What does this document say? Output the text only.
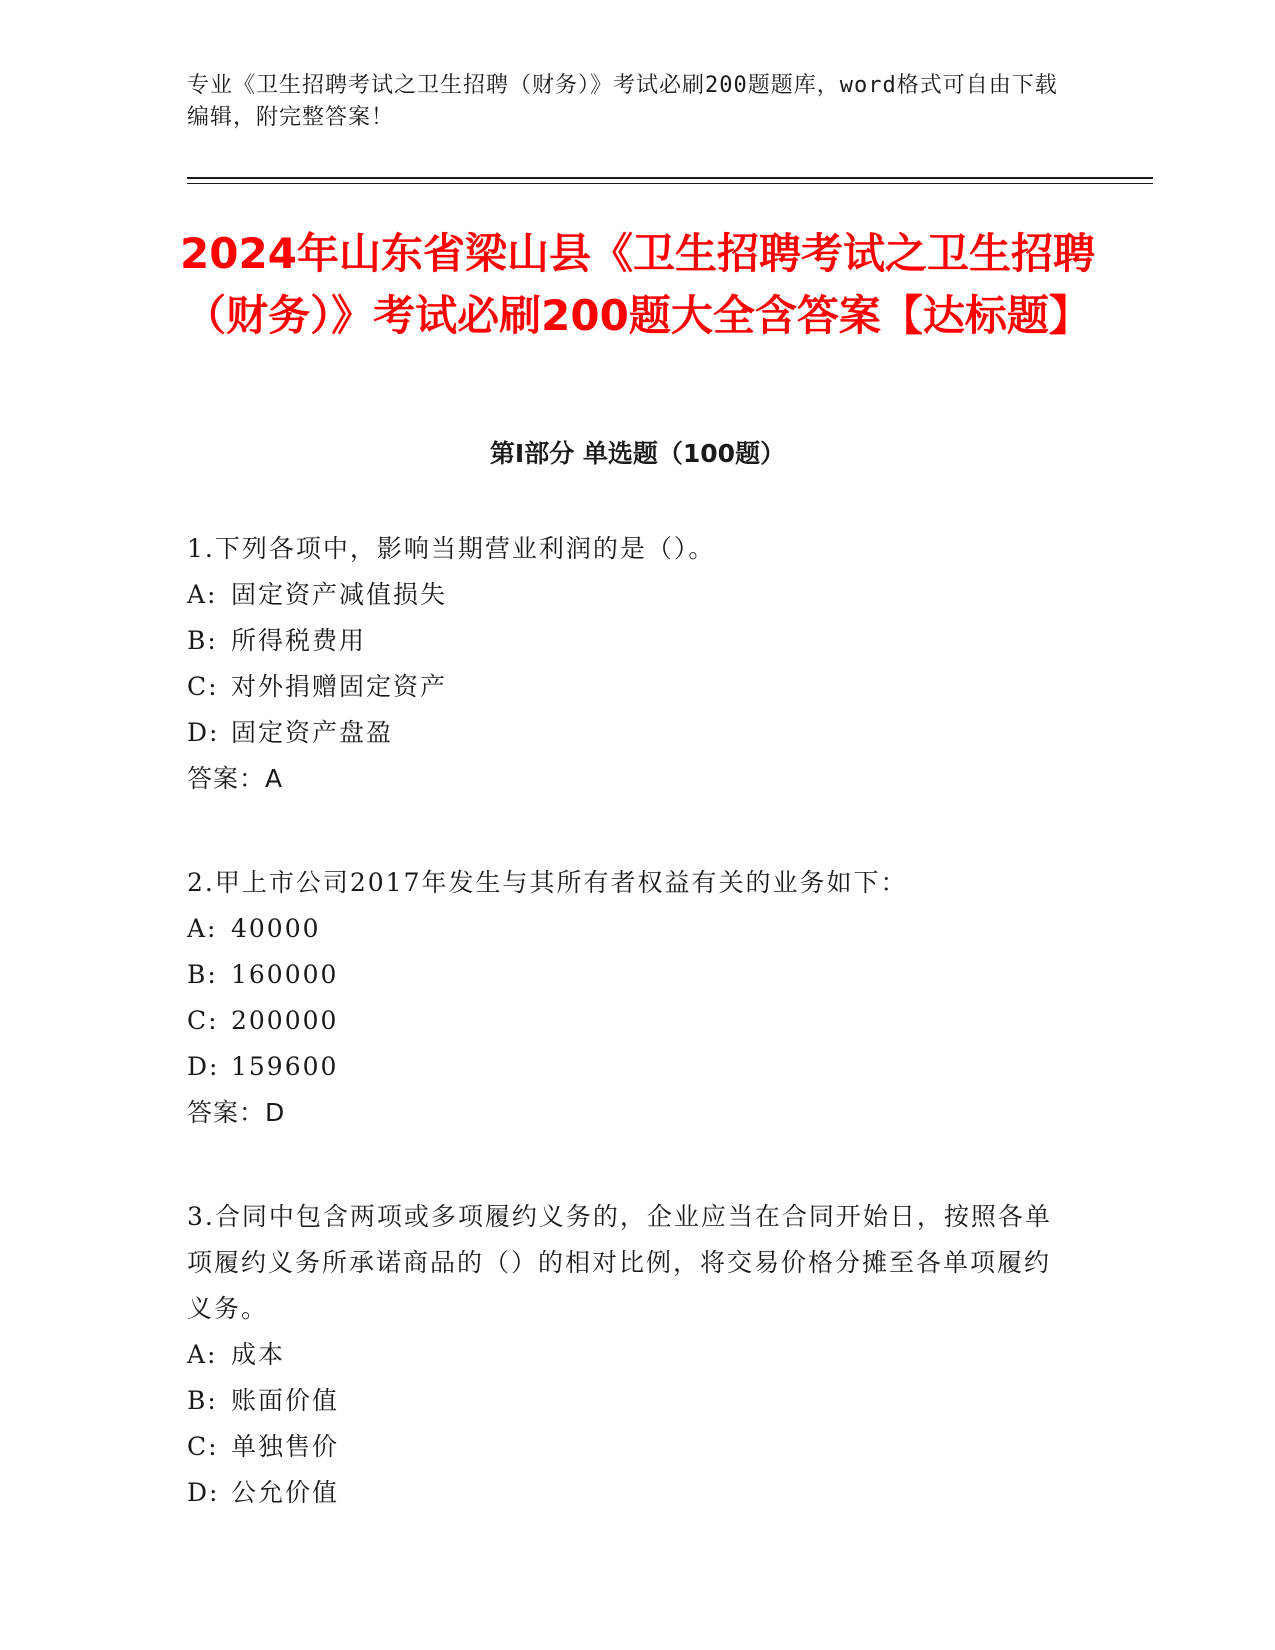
专业《卫生招聘考试之卫生招聘（财务）》考试必刷200题题库，word格式可自由下载编辑，附完整答案！
2024年山东省梁山县《卫生招聘考试之卫生招聘（财务）》考试必刷200题大全含答案【达标题】
第Ⅰ部分 单选题（100题）
1.下列各项中，影响当期营业利润的是（）。
A: 固定资产减值损失
B: 所得税费用
C: 对外捐赠固定资产
D: 固定资产盘盈
答案：A
2.甲上市公司2017年发生与其所有者权益有关的业务如下：
A: 40000
B: 160000
C: 200000
D: 159600
答案：D
3.合同中包含两项或多项履约义务的，企业应当在合同开始日，按照各单项履约义务所承诺商品的（）的相对比例，将交易价格分摊至各单项履约义务。
A: 成本
B: 账面价值
C: 单独售价
D: 公允价值
